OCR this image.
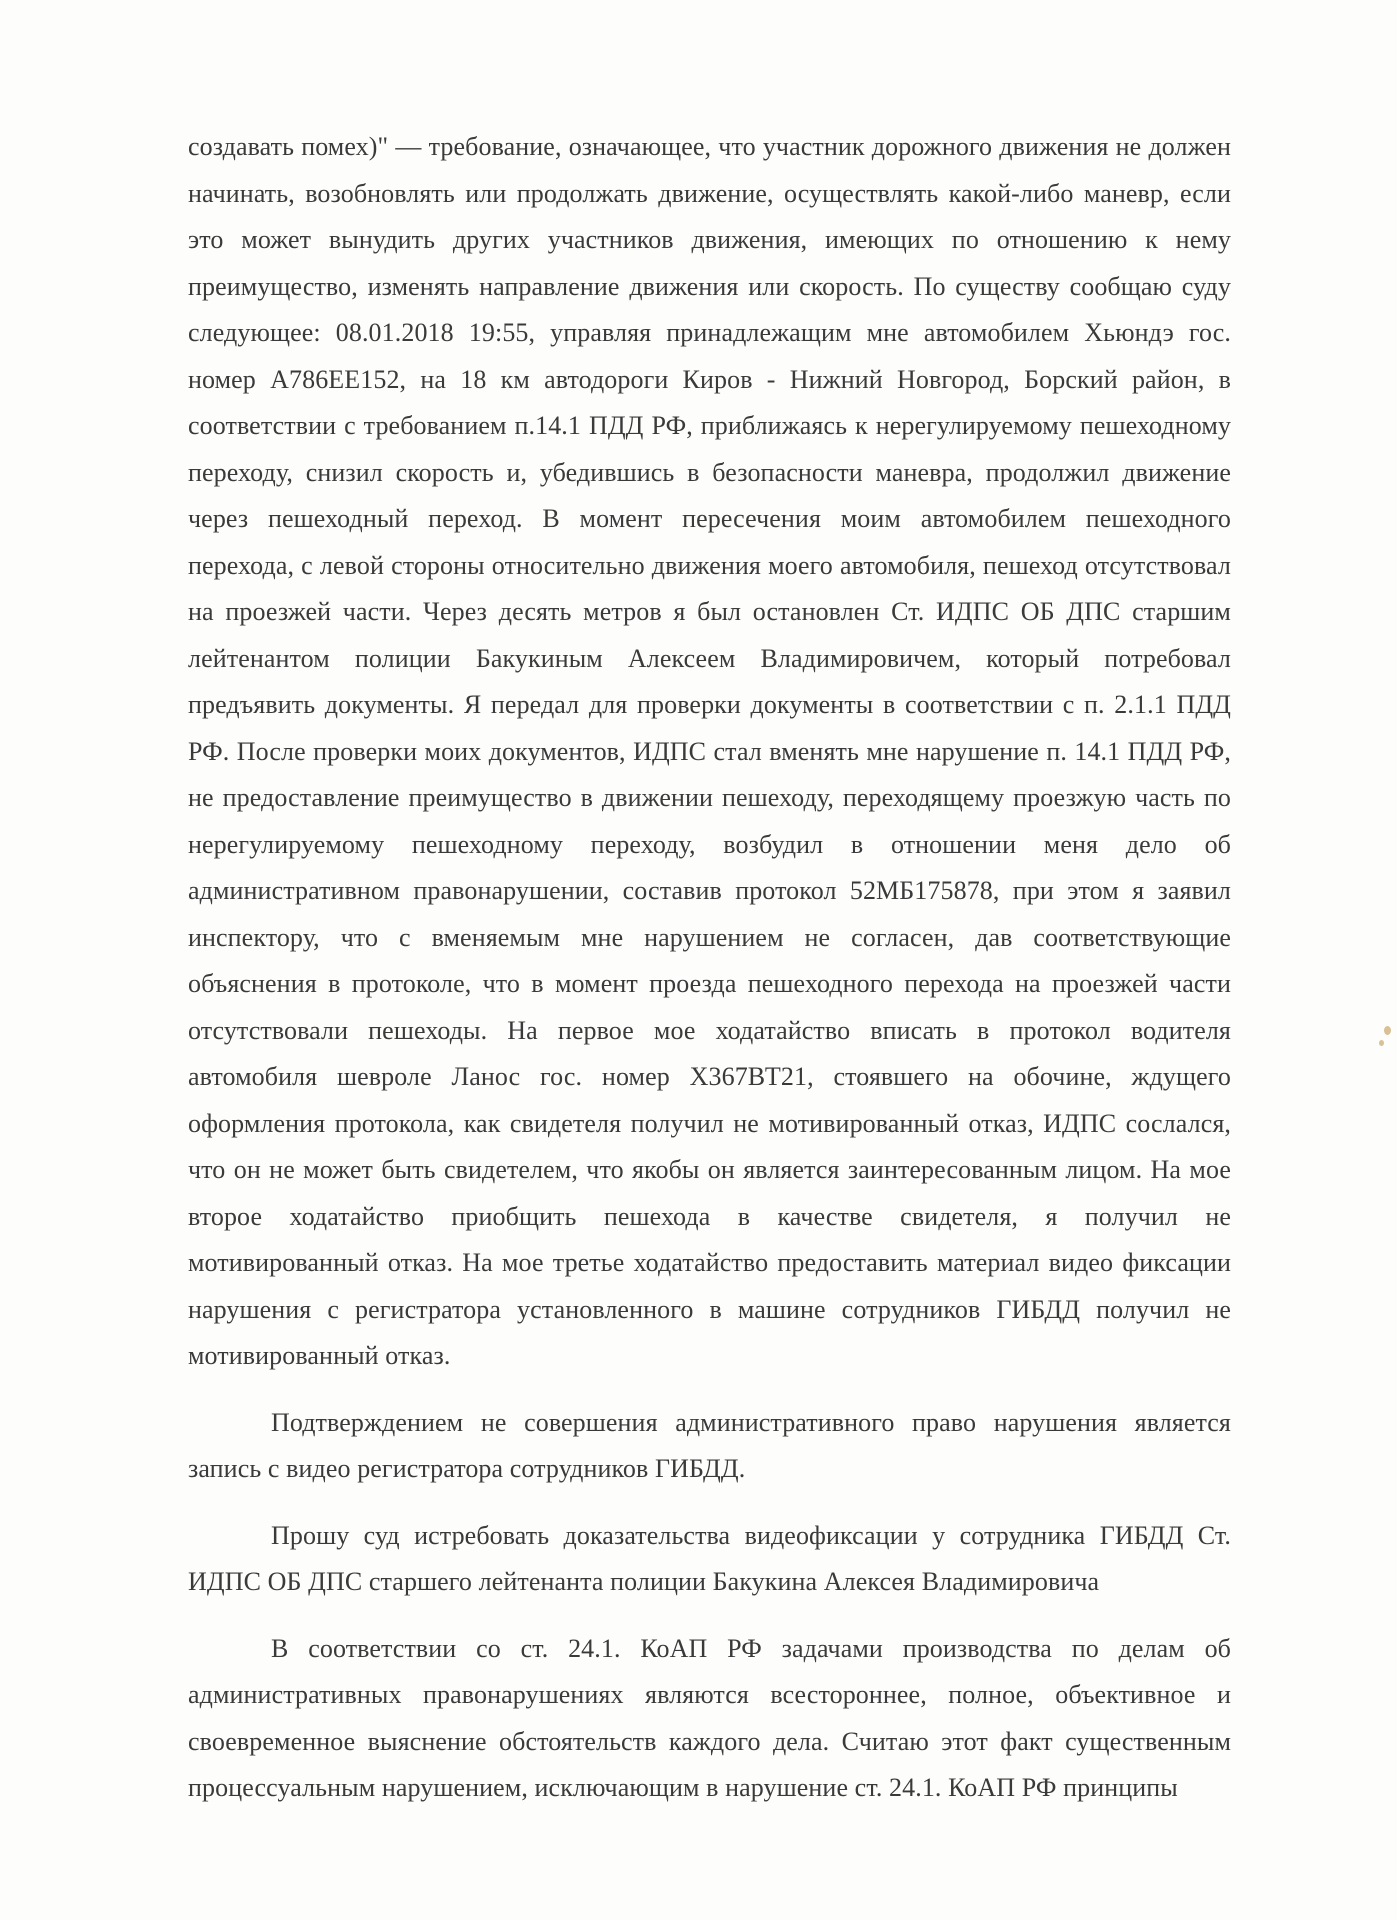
создавать помех)" — требование, означающее, что участник дорожного движения не должен начинать, возобновлять или продолжать движение, осуществлять какой-либо маневр, если это может вынудить других участников движения, имеющих по отношению к нему преимущество, изменять направление движения или скорость. По существу сообщаю суду следующее: 08.01.2018 19:55, управляя принадлежащим мне автомобилем Хьюндэ гос. номер А786ЕЕ152, на 18 км автодороги Киров - Нижний Новгород, Борский район, в соответствии с требованием п.14.1 ПДД РФ, приближаясь к нерегулируемому пешеходному переходу, снизил скорость и, убедившись в безопасности маневра, продолжил движение через пешеходный переход. В момент пересечения моим автомобилем пешеходного перехода, с левой стороны относительно движения моего автомобиля, пешеход отсутствовал на проезжей части. Через десять метров я был остановлен Ст. ИДПС ОБ ДПС старшим лейтенантом полиции Бакукиным Алексеем Владимировичем, который потребовал предъявить документы. Я передал для проверки документы в соответствии с п. 2.1.1 ПДД РФ. После проверки моих документов, ИДПС стал вменять мне нарушение п. 14.1 ПДД РФ, не предоставление преимущество в движении пешеходу, переходящему проезжую часть по нерегулируемому пешеходному переходу, возбудил в отношении меня дело об административном правонарушении, составив протокол 52МБ175878, при этом я заявил инспектору, что с вменяемым мне нарушением не согласен, дав соответствующие объяснения в протоколе, что в момент проезда пешеходного перехода на проезжей части отсутствовали пешеходы. На первое мое ходатайство вписать в протокол водителя автомобиля шевроле Ланос гос. номер Х367ВТ21, стоявшего на обочине, ждущего оформления протокола, как свидетеля получил не мотивированный отказ, ИДПС сослался, что он не может быть свидетелем, что якобы он является заинтересованным лицом. На мое второе ходатайство приобщить пешехода в качестве свидетеля, я получил не мотивированный отказ. На мое третье ходатайство предоставить материал видео фиксации нарушения с регистратора установленного в машине сотрудников ГИБДД получил не мотивированный отказ.

Подтверждением не совершения административного право нарушения является запись с видео регистратора сотрудников ГИБДД.

Прошу суд истребовать доказательства видеофиксации у сотрудника ГИБДД Ст. ИДПС ОБ ДПС старшего лейтенанта полиции Бакукина Алексея Владимировича

В соответствии со ст. 24.1. КоАП РФ задачами производства по делам об административных правонарушениях являются всестороннее, полное, объективное и своевременное выяснение обстоятельств каждого дела. Считаю этот факт существенным процессуальным нарушением, исключающим в нарушение ст. 24.1. КоАП РФ принципы
